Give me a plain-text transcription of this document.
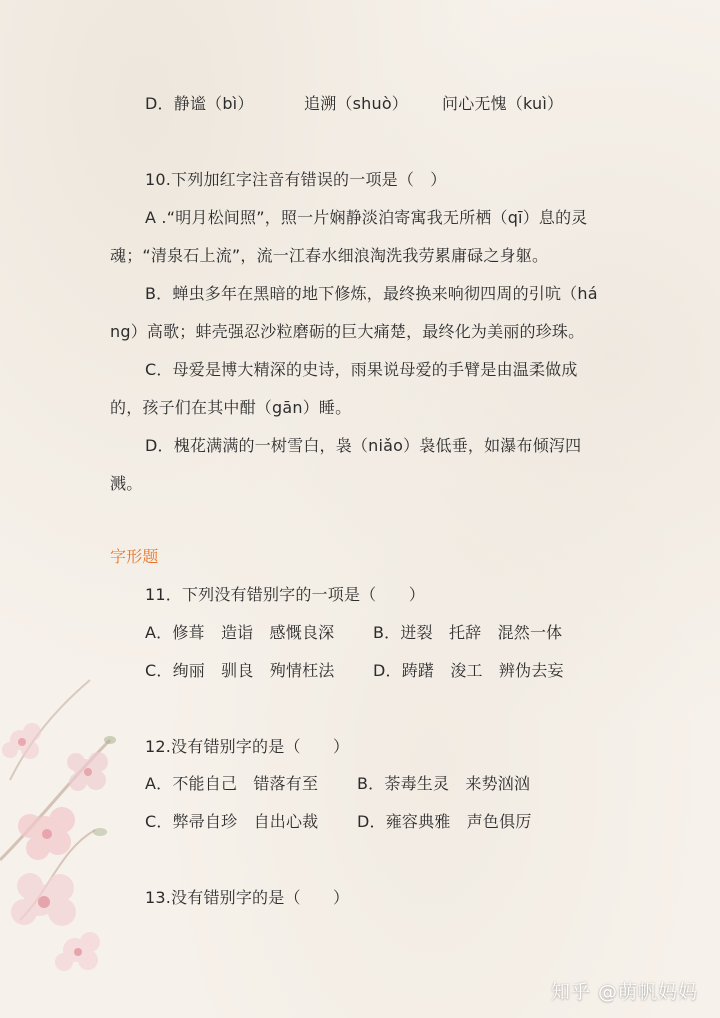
D．静谧（bì）	追溯（shuò） 问心无愧（kuì）
10.下列加红字注音有错误的一项是（　）
A .“明月松间照”，照一片娴静淡泊寄寓我无所栖（qī）息的灵
魂；“清泉石上流”，流一江春水细浪淘洗我劳累庸碌之身躯。
B．蝉虫多年在黑暗的地下修炼，最终换来响彻四周的引吭（há
ng）高歌；蚌壳强忍沙粒磨砺的巨大痛楚，最终化为美丽的珍珠。
C．母爱是博大精深的史诗，雨果说母爱的手臂是由温柔做成
的，孩子们在其中酣（gān）睡。
D．槐花满满的一树雪白，袅（niǎo）袅低垂，如瀑布倾泻四
溅。
字形题
11．下列没有错别字的一项是（　　）
A．修葺　造诣　感慨良深 B．迸裂　托辞　混然一体
C．绚丽　驯良　殉情枉法 D．踌躇　浚工　辨伪去妄
12.没有错别字的是（　　）
A．不能自己　错落有至 B．荼毒生灵　来势汹汹
C．弊帚自珍　自出心裁 D．雍容典雅　声色俱厉
13.没有错别字的是（　　）
知乎 @萌帆妈妈
